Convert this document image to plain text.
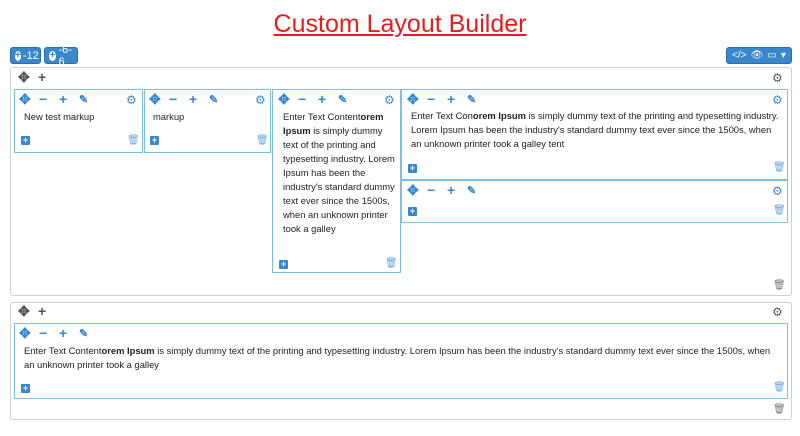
Custom Layout Builder
+ -12 + -6-6	</> 👁 ▭ ▾
✥ +	⚙
🗑
✥ − + ✎	⚙
New test markup
+	🗑
✥ − + ✎	⚙
markup
+	🗑
✥ − + ✎	⚙
Enter Text Contentorem Ipsum is simply dummy text of the printing and typesetting industry. Lorem Ipsum has been the industry's standard dummy text ever since the 1500s, when an unknown printer took a galley
+	🗑
✥ − + ✎	⚙
Enter Text Conorem Ipsum is simply dummy text of the printing and typesetting industry. Lorem Ipsum has been the industry's standard dummy text ever since the 1500s, when an unknown printer took a galley tent
+	🗑
✥ − + ✎	⚙
+	🗑
✥ +	⚙
🗑
✥ − + ✎
Enter Text Contentorem Ipsum is simply dummy text of the printing and typesetting industry. Lorem Ipsum has been the industry's standard dummy text ever since the 1500s, when an unknown printer took a galley
+	🗑
